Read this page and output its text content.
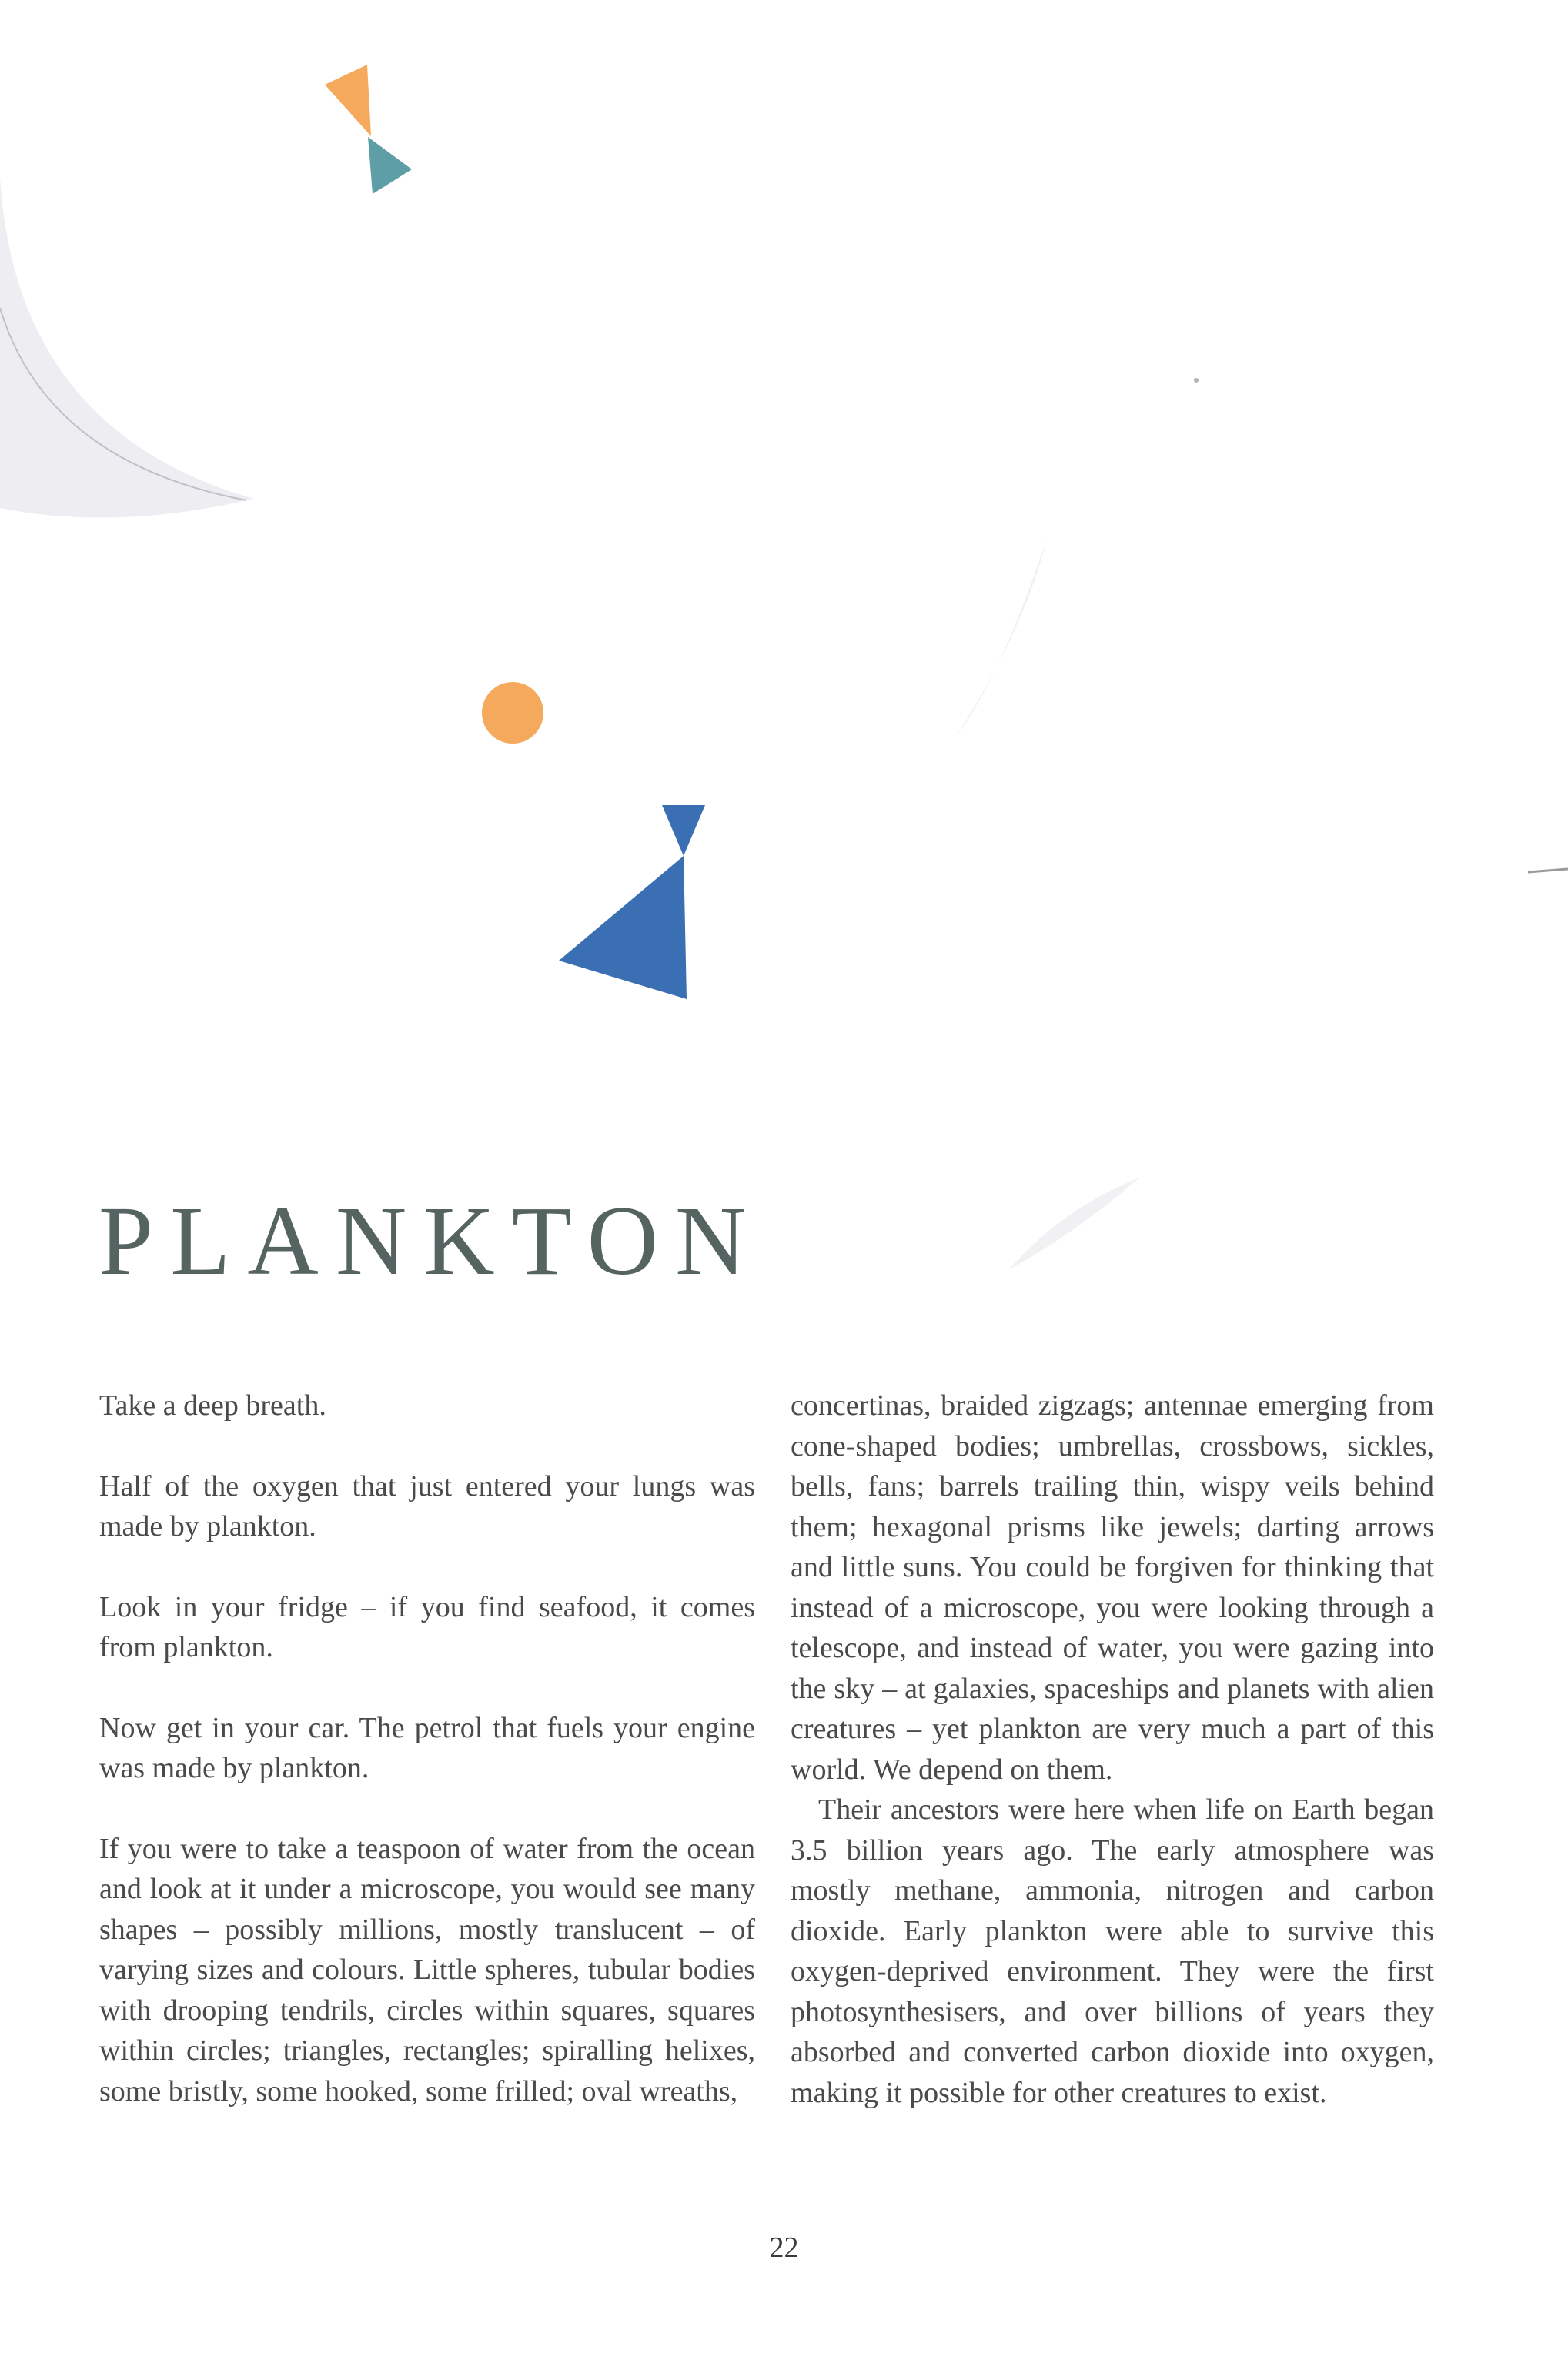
PLANKTON

Take a deep breath.

Half of the oxygen that just entered your lungs was made by plankton.

Look in your fridge – if you find seafood, it comes from plankton.

Now get in your car. The petrol that fuels your engine was made by plankton.

If you were to take a teaspoon of water from the ocean and look at it under a microscope, you would see many shapes – possibly millions, mostly translucent – of varying sizes and colours. Little spheres, tubular bodies with drooping tendrils, circles within squares, squares within circles; triangles, rectangles; spiralling helixes, some bristly, some hooked, some frilled; oval wreaths,

concertinas, braided zigzags; antennae emerging from cone-shaped bodies; umbrellas, crossbows, sickles, bells, fans; barrels trailing thin, wispy veils behind them; hexagonal prisms like jewels; darting arrows and little suns. You could be forgiven for thinking that instead of a microscope, you were looking through a telescope, and instead of water, you were gazing into the sky – at galaxies, spaceships and planets with alien creatures – yet plankton are very much a part of this world. We depend on them.

Their ancestors were here when life on Earth began 3.5 billion years ago. The early atmosphere was mostly methane, ammonia, nitrogen and carbon dioxide. Early plankton were able to survive this oxygen-deprived environment. They were the first photosynthesisers, and over billions of years they absorbed and converted carbon dioxide into oxygen, making it possible for other creatures to exist.

22
